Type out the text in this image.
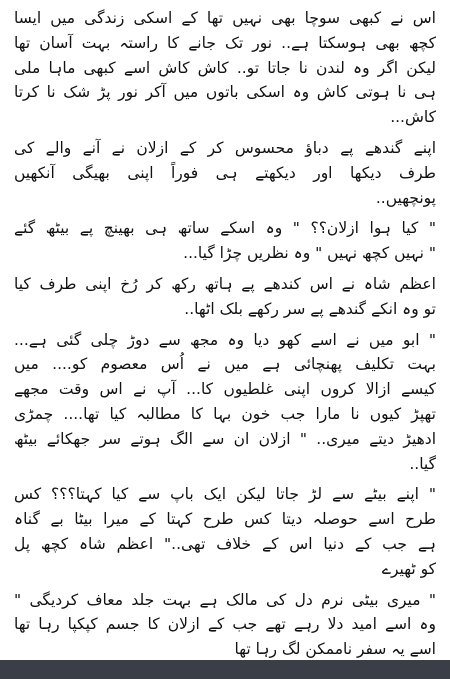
اس نے کبھی سوچا بھی نہیں تھا کے اسکی زندگی میں ایسا
کچھ بھی ہوسکتا ہے.. نور تک جانے کا راستہ بہت آسان تھا
لیکن اگر وہ لندن نا جاتا تو.. کاش کاش اسے کبھی ماہا ملی
ہی نا ہوتی کاش وہ اسکی باتوں میں آکر نور پڑ شک نا کرتا
کاش...
اپنے گندھے پے دباؤ محسوس کر کے ازلان نے آنے والے کی
طرف دیکھا اور دیکھتے ہی فوراً اپنی بھیگی آنکھیں
پونچھیں..
" کیا ہوا ازلان؟؟ " وہ اسکے ساتھ ہی بھینچ پے بیٹھ گئے
" نہیں کچھ نہیں " وہ نظریں چڑا گیا...
اعظم شاہ نے اس کندھے پے ہاتھ رکھ کر رُخ اپنی طرف کیا
تو وہ انکے گندھے پے سر رکھے بلک اٹھا..
" ابو میں نے اسے کھو دیا وہ مجھ سے دوڑ چلی گئی ہے...
بہت تکلیف پھنچائی ہے میں نے اُس معصوم کو.... میں
کیسے ازالا کروں اپنی غلطیوں کا... آپ نے اس وقت مجھے
تھپڑ کیوں نا مارا جب خون بہا کا مطالبہ کیا تھا.... چمڑی
ادھیڑ دیتے میری.. " ازلان ان سے الگ ہوتے سر جھکائے بیٹھ
گیا..
" اپنے بیٹے سے لڑ جاتا لیکن ایک باپ سے کیا کہتا؟؟؟ کس
طرح اسے حوصلہ دیتا کس طرح کہتا کے میرا بیٹا بے گناہ
ہے جب کے دنیا اس کے خلاف تھی.." اعظم شاہ کچھ پل
کو ٹھیرے
" میری بیٹی نرم دل کی مالک ہے بہت جلد معاف کردیگی "
وہ اسے امید دلا رہے تھے جب کے ازلان کا جسم کپکپا رہا تھا
اسے یہ سفر ناممکن لگ رہا تھا
